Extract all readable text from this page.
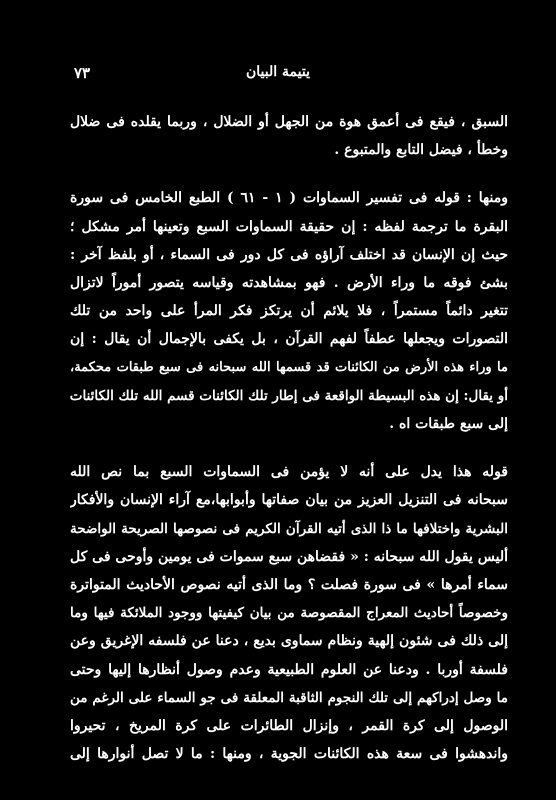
يتيمة البيان
٧٣
السبق ، فيقع فى أعمق هوة من الجهل أو الضلال ، وربما يقلده فى ضلال
وخطأ ، فيضل التابع والمتبوع .
ومنها : قوله فى تفسير السماوات ( ١ - ٦١ ) الطبع الخامس فى سورة
البقرة ما ترجمة لفظه : إن حقيقة السماوات السبع وتعينها أمر مشكل ؛
حيث إن الإنسان قد اختلف آراؤه فى كل دور فى السماء ، أو بلفظ آخر :
بشئ فوقه ما وراء الأرض . فهو بمشاهدته وقياسه يتصور أموراً لاتزال
تتغير دائماً مستمراً ، فلا يلائم أن يرتكز فكر المرأ على واحد من تلك
التصورات ويجعلها عطفاً لفهم القرآن ، بل يكفى بالإجمال أن يقال : إن
ما وراء هذه الأرض من الكائنات قد قسمها الله سبحانه فى سبع طبقات محكمة،
أو يقال: إن هذه البسيطة الواقعة فى إطار تلك الكائنات قسم الله تلك الكائنات
إلى سبع طبقات اه .
قوله هذا يدل على أنه لا يؤمن فى السماوات السبع بما نص الله
سبحانه فى التنزيل العزيز من بيان صفاتها وأبوابها،مع آراء الإنسان والأفكار
البشرية واختلافها ما ذا الذى أتيه القرآن الكريم فى نصوصها الصريحة الواضحة
أليس يقول الله سبحانه : « فقضاهن سبع سموات فى يومين وأوحى فى كل
سماء أمرها » فى سورة فصلت ؟ وما الذى أتيه نصوص الأحاديث المتواترة
وخصوصاً أحاديث المعراج المقصوصة من بيان كيفيتها ووجود الملائكة فيها وما
إلى ذلك فى شئون إلهية ونظام سماوى بديع ، دعنا عن فلسفه الإغريق وعن
فلسفة أوربا . ودعنا عن العلوم الطبيعية وعدم وصول أنظارها إليها وحتى
ما وصل إدراكهم إلى تلك النجوم الثاقبة المعلقة فى جو السماء على الرغم من
الوصول إلى كرة القمر ، وإنزال الطائرات على كرة المريخ ، تحيروا
واندهشوا فى سعة هذه الكائنات الجوية ، ومنها : ما لا تصل أنوارها إلى
